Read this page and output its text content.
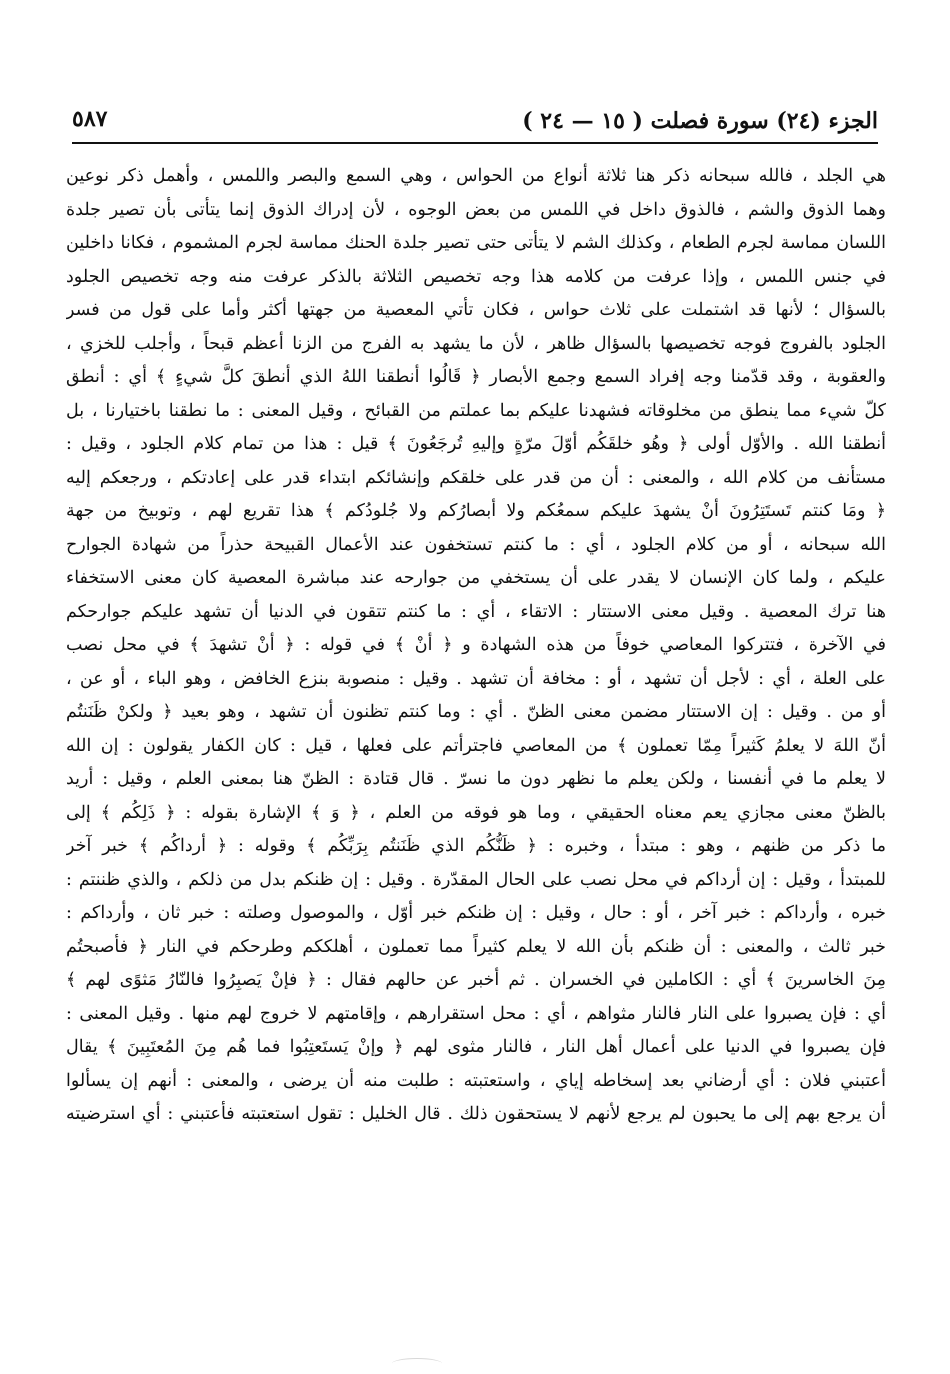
الجزء (٢٤) سورة فصلت ( ١٥ — ٢٤ )
٥٨٧
هي الجلد ، فالله سبحانه ذكر هنا ثلاثة أنواع من الحواس ، وهي السمع والبصر واللمس ، وأهمل ذكر نوعين
وهما الذوق والشم ، فالذوق داخل في اللمس من بعض الوجوه ، لأن إدراك الذوق إنما يتأتى بأن تصير جلدة
اللسان مماسة لجرم الطعام ، وكذلك الشم لا يتأتى حتى تصير جلدة الحنك مماسة لجرم المشموم ، فكانا داخلين
في جنس اللمس ، وإذا عرفت من كلامه هذا وجه تخصيص الثلاثة بالذكر عرفت منه وجه تخصيص الجلود
بالسؤال ؛ لأنها قد اشتملت على ثلاث حواس ، فكان تأتي المعصية من جهتها أكثر وأما على قول من فسر
الجلود بالفروج فوجه تخصيصها بالسؤال ظاهر ، لأن ما يشهد به الفرج من الزنا أعظم قبحاً ، وأجلب للخزي ،
والعقوبة ، وقد قدّمنا وجه إفراد السمع وجمع الأبصار ﴿ قَالُوا أنطقنا اللهُ الذي أنطقَ كلَّ شيءٍ ﴾ أي : أنطق
كلّ شيء مما ينطق من مخلوقاته فشهدنا عليكم بما عملتم من القبائح ، وقيل المعنى : ما نطقنا باختيارنا ، بل
أنطقنا الله . والأوّل أولى ﴿ وهُو خلقَكُم أوّلَ مرّةٍ وإليهِ تُرجَعُونَ ﴾ قيل : هذا من تمام كلام الجلود ، وقيل :
مستأنف من كلام الله ، والمعنى : أن من قدر على خلقكم وإنشائكم ابتداء قدر على إعادتكم ، ورجعكم إليه
﴿ ومَا كنتم تَستَتِرُونَ أنْ يشهدَ عليكم سمعُكم ولا أبصارُكم ولا جُلودُكم ﴾ هذا تقريع لهم ، وتوبيخ من جهة
الله سبحانه ، أو من كلام الجلود ، أي : ما كنتم تستخفون عند الأعمال القبيحة حذراً من شهادة الجوارح
عليكم ، ولما كان الإنسان لا يقدر على أن يستخفي من جوارحه عند مباشرة المعصية كان معنى الاستخفاء
هنا ترك المعصية . وقيل معنى الاستتار : الاتقاء ، أي : ما كنتم تتقون في الدنيا أن تشهد عليكم جوارحكم
في الآخرة ، فتتركوا المعاصي خوفاً من هذه الشهادة و ﴿ أنْ ﴾ في قوله : ﴿ أنْ تشهدَ ﴾ في محل نصب
على العلة ، أي : لأجل أن تشهد ، أو : مخافة أن تشهد . وقيل : منصوبة بنزع الخافض ، وهو الباء ، أو عن ،
أو من . وقيل : إن الاستتار مضمن معنى الظنّ . أي : وما كنتم تظنون أن تشهد ، وهو بعيد ﴿ ولكنْ ظَنَنتُم
أنّ اللهَ لا يعلمُ كَثيراً مِمّا تعملون ﴾ من المعاصي فاجترأتم على فعلها ، قيل : كان الكفار يقولون : إن الله
لا يعلم ما في أنفسنا ، ولكن يعلم ما نظهر دون ما نسرّ . قال قتادة : الظنّ هنا بمعنى العلم ، وقيل : أريد
بالظنّ معنى مجازي يعم معناه الحقيقي ، وما هو فوقه من العلم ، ﴿ وَ ﴾ الإشارة بقوله : ﴿ ذَلِكُم ﴾ إلى
ما ذكر من ظنهم ، وهو : مبتدأ ، وخبره : ﴿ ظَنُّكُم الذي ظَنَنتُم بِرَبِّكُم ﴾ وقوله : ﴿ أرداكُم ﴾ خبر آخر
للمبتدأ ، وقيل : إن أرداكم في محل نصب على الحال المقدّرة . وقيل : إن ظنكم بدل من ذلكم ، والذي ظننتم :
خبره ، وأرداكم : خبر آخر ، أو : حال ، وقيل : إن ظنكم خبر أوّل ، والموصول وصلته : خبر ثان ، وأرداكم :
خبر ثالث ، والمعنى : أن ظنكم بأن الله لا يعلم كثيراً مما تعملون ، أهلككم وطرحكم في النار ﴿ فأصبحتُم
مِنَ الخاسرينَ ﴾ أي : الكاملين في الخسران . ثم أخبر عن حالهم فقال : ﴿ فإنْ يَصبِرُوا فالنّارُ مَثوًى لهم ﴾
أي : فإن يصبروا على النار فالنار مثواهم ، أي : محل استقرارهم ، وإقامتهم لا خروج لهم منها . وقيل المعنى :
فإن يصبروا في الدنيا على أعمال أهل النار ، فالنار مثوى لهم ﴿ وإنْ يَستَعتِبُوا فما هُم مِنَ المُعتَبِينَ ﴾ يقال
أعتبني فلان : أي أرضاني بعد إسخاطه إياي ، واستعتبته : طلبت منه أن يرضى ، والمعنى : أنهم إن يسألوا
أن يرجع بهم إلى ما يحبون لم يرجع لأنهم لا يستحقون ذلك . قال الخليل : تقول استعتبته فأعتبني : أي استرضيته
